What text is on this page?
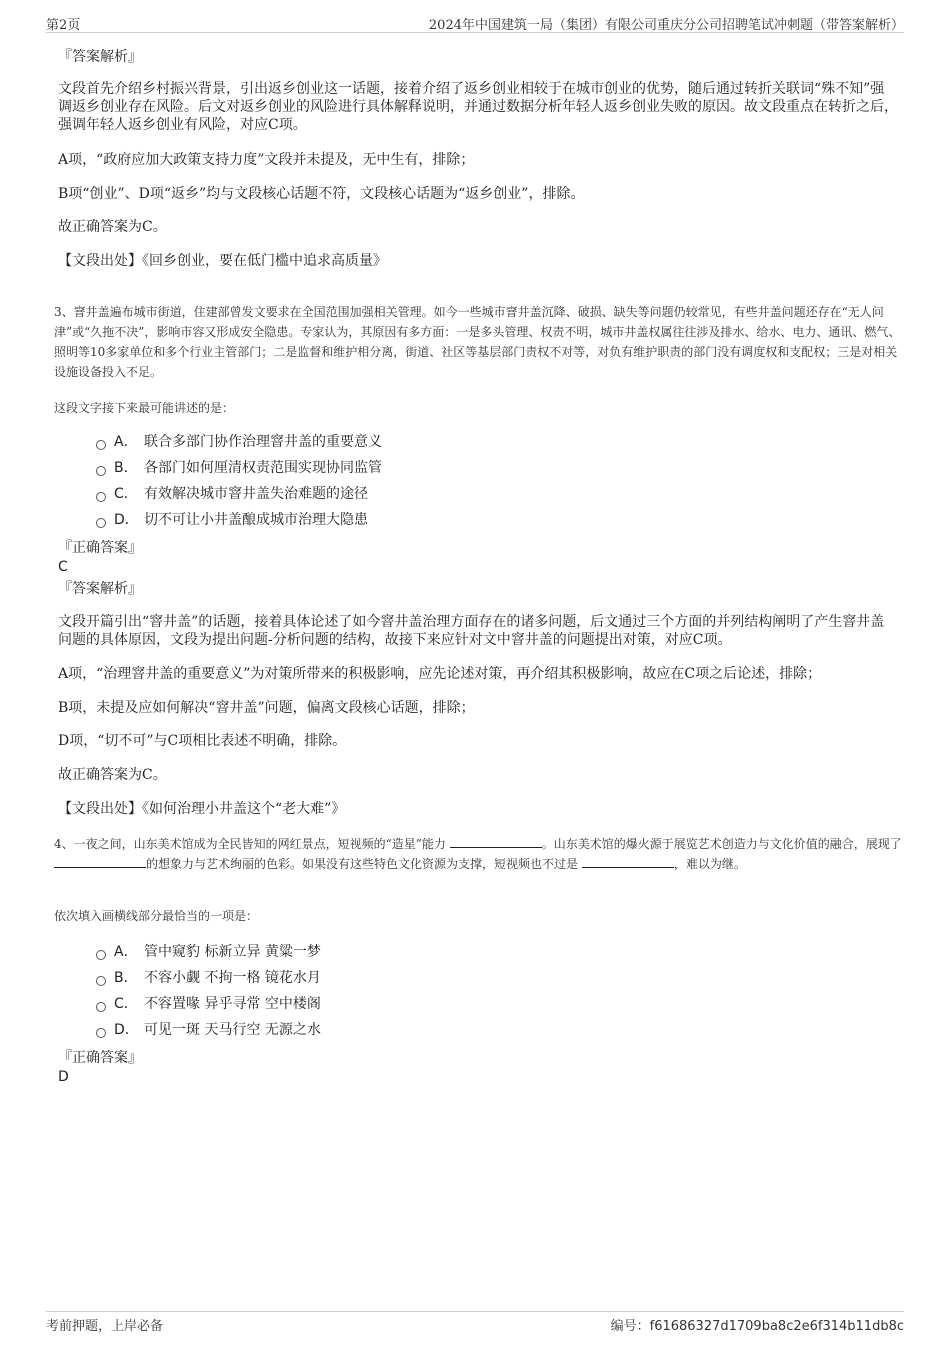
第2页	2024年中国建筑一局（集团）有限公司重庆分公司招聘笔试冲刺题（带答案解析）
『答案解析』

文段首先介绍乡村振兴背景，引出返乡创业这一话题，接着介绍了返乡创业相较于在城市创业的优势，随后通过转折关联词“殊不知”强调返乡创业存在风险。后文对返乡创业的风险进行具体解释说明，并通过数据分析年轻人返乡创业失败的原因。故文段重点在转折之后，强调年轻人返乡创业有风险，对应C项。

A项，“政府应加大政策支持力度”文段并未提及，无中生有，排除；

B项“创业”、D项“返乡”均与文段核心话题不符，文段核心话题为“返乡创业”，排除。

故正确答案为C。

【文段出处】《回乡创业，要在低门槛中追求高质量》

3、窨井盖遍布城市街道，住建部曾发文要求在全国范围加强相关管理。如今一些城市窨井盖沉降、破损、缺失等问题仍较常见，有些井盖问题还存在“无人问津”或“久拖不决”，影响市容又形成安全隐患。专家认为，其原因有多方面：一是多头管理、权责不明，城市井盖权属往往涉及排水、给水、电力、通讯、燃气、照明等10多家单位和多个行业主管部门；二是监督和维护相分离，街道、社区等基层部门责权不对等，对负有维护职责的部门没有调度权和支配权；三是对相关设施设备投入不足。

这段文字接下来最可能讲述的是：

A． 联合多部门协作治理窨井盖的重要意义
B． 各部门如何厘清权责范围实现协同监管
C． 有效解决城市窨井盖失治难题的途径
D． 切不可让小井盖酿成城市治理大隐患
『正确答案』
C
『答案解析』

文段开篇引出“窨井盖”的话题，接着具体论述了如今窨井盖治理方面存在的诸多问题，后文通过三个方面的并列结构阐明了产生窨井盖问题的具体原因，文段为提出问题-分析问题的结构，故接下来应针对文中窨井盖的问题提出对策，对应C项。

A项，“治理窨井盖的重要意义”为对策所带来的积极影响，应先论述对策，再介绍其积极影响，故应在C项之后论述，排除；

B项，未提及应如何解决“窨井盖”问题，偏离文段核心话题，排除；

D项，“切不可”与C项相比表述不明确，排除。

故正确答案为C。

【文段出处】《如何治理小井盖这个“老大难”》

4、一夜之间，山东美术馆成为全民皆知的网红景点，短视频的“造星”能力	。山东美术馆的爆火源于展览艺术创造力与文化价值的融合，展现了 的想象力与艺术绚丽的色彩。如果没有这些特色文化资源为支撑，短视频也不过是	，难以为继。

依次填入画横线部分最恰当的一项是：

A． 管中窥豹 标新立异 黄粱一梦
B． 不容小觑 不拘一格 镜花水月
C． 不容置喙 异乎寻常 空中楼阁
D． 可见一斑 天马行空 无源之水
『正确答案』
D
考前押题，上岸必备	编号：f61686327d1709ba8c2e6f314b11db8c
